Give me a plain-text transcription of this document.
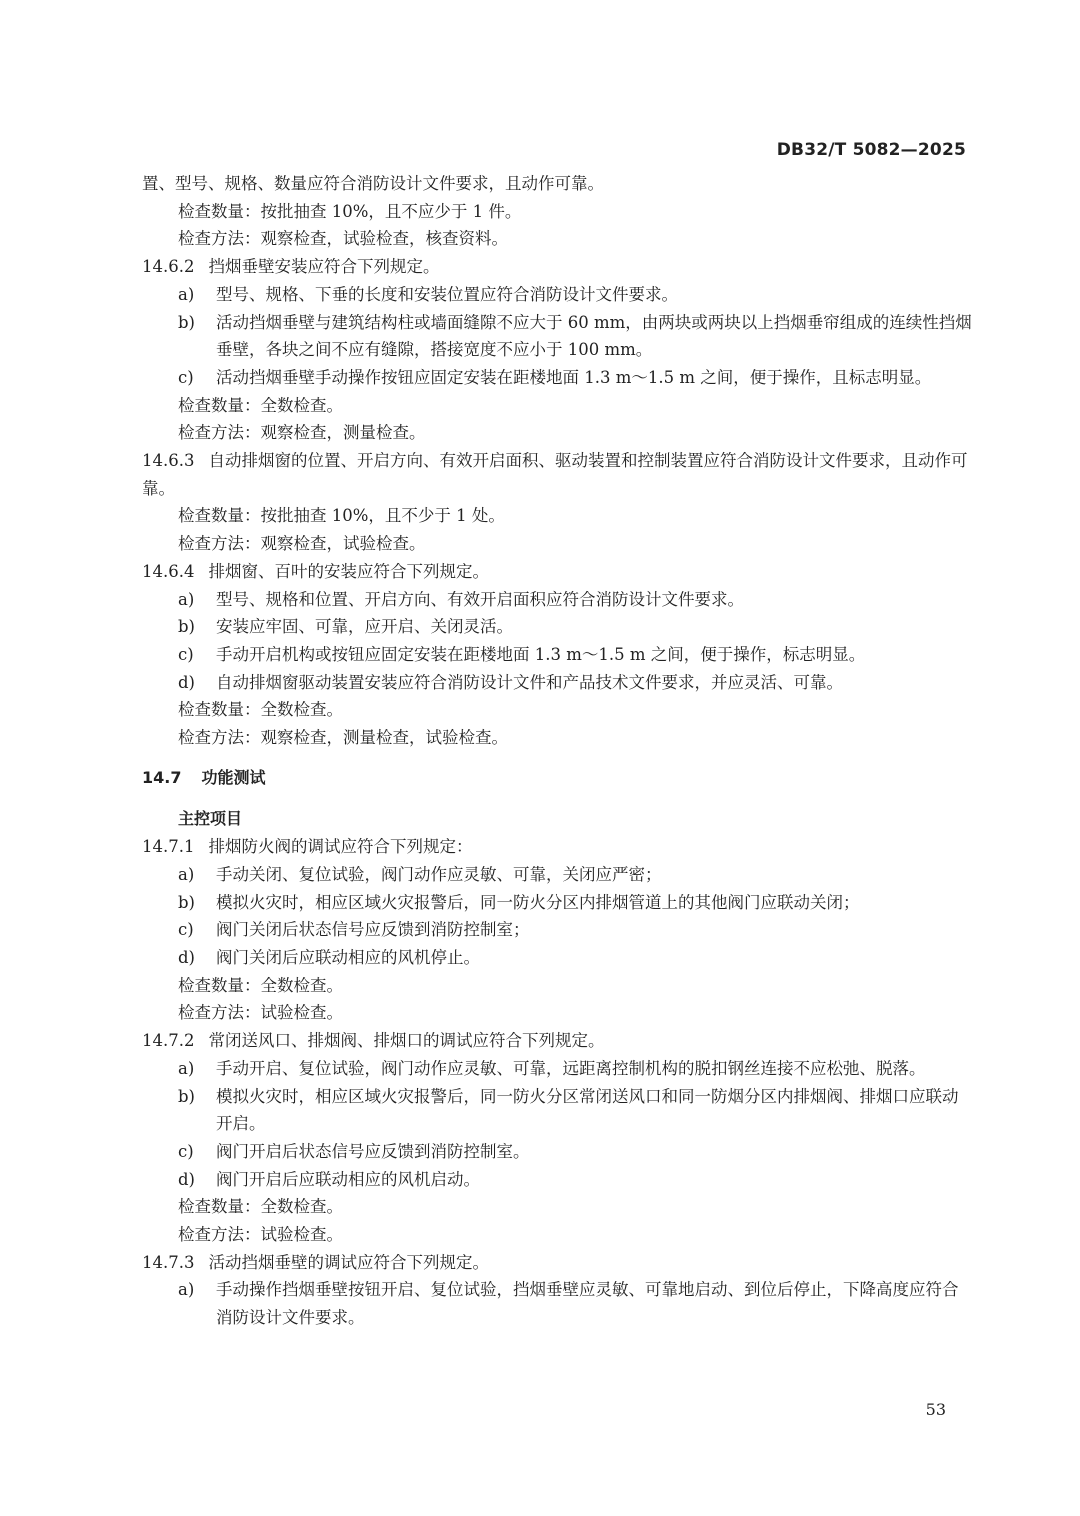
DB32/T 5082—2025

置、型号、规格、数量应符合消防设计文件要求，且动作可靠。

检查数量：按批抽查 10%，且不应少于 1 件。

检查方法：观察检查，试验检查，核查资料。

14.6.2 挡烟垂壁安装应符合下列规定。

a)	型号、规格、下垂的长度和安装位置应符合消防设计文件要求。
b)	活动挡烟垂壁与建筑结构柱或墙面缝隙不应大于 60 mm，由两块或两块以上挡烟垂帘组成的连续性挡烟垂壁，各块之间不应有缝隙，搭接宽度不应小于 100 mm。
c)	活动挡烟垂壁手动操作按钮应固定安装在距楼地面 1.3 m～1.5 m 之间，便于操作，且标志明显。

检查数量：全数检查。

检查方法：观察检查，测量检查。

14.6.3 自动排烟窗的位置、开启方向、有效开启面积、驱动装置和控制装置应符合消防设计文件要求，且动作可靠。

检查数量：按批抽查 10%，且不少于 1 处。

检查方法：观察检查，试验检查。

14.6.4 排烟窗、百叶的安装应符合下列规定。

a)	型号、规格和位置、开启方向、有效开启面积应符合消防设计文件要求。
b)	安装应牢固、可靠，应开启、关闭灵活。
c)	手动开启机构或按钮应固定安装在距楼地面 1.3 m～1.5 m 之间，便于操作，标志明显。
d)	自动排烟窗驱动装置安装应符合消防设计文件和产品技术文件要求，并应灵活、可靠。

检查数量：全数检查。

检查方法：观察检查，测量检查，试验检查。

14.7 功能测试
主控项目

14.7.1 排烟防火阀的调试应符合下列规定：

a)	手动关闭、复位试验，阀门动作应灵敏、可靠，关闭应严密；
b)	模拟火灾时，相应区域火灾报警后，同一防火分区内排烟管道上的其他阀门应联动关闭；
c)	阀门关闭后状态信号应反馈到消防控制室；
d)	阀门关闭后应联动相应的风机停止。

检查数量：全数检查。

检查方法：试验检查。

14.7.2 常闭送风口、排烟阀、排烟口的调试应符合下列规定。

a)	手动开启、复位试验，阀门动作应灵敏、可靠，远距离控制机构的脱扣钢丝连接不应松弛、脱落。
b)	模拟火灾时，相应区域火灾报警后，同一防火分区常闭送风口和同一防烟分区内排烟阀、排烟口应联动开启。
c)	阀门开启后状态信号应反馈到消防控制室。
d)	阀门开启后应联动相应的风机启动。

检查数量：全数检查。

检查方法：试验检查。

14.7.3 活动挡烟垂壁的调试应符合下列规定。

a)	手动操作挡烟垂壁按钮开启、复位试验，挡烟垂壁应灵敏、可靠地启动、到位后停止，下降高度应符合消防设计文件要求。
53
